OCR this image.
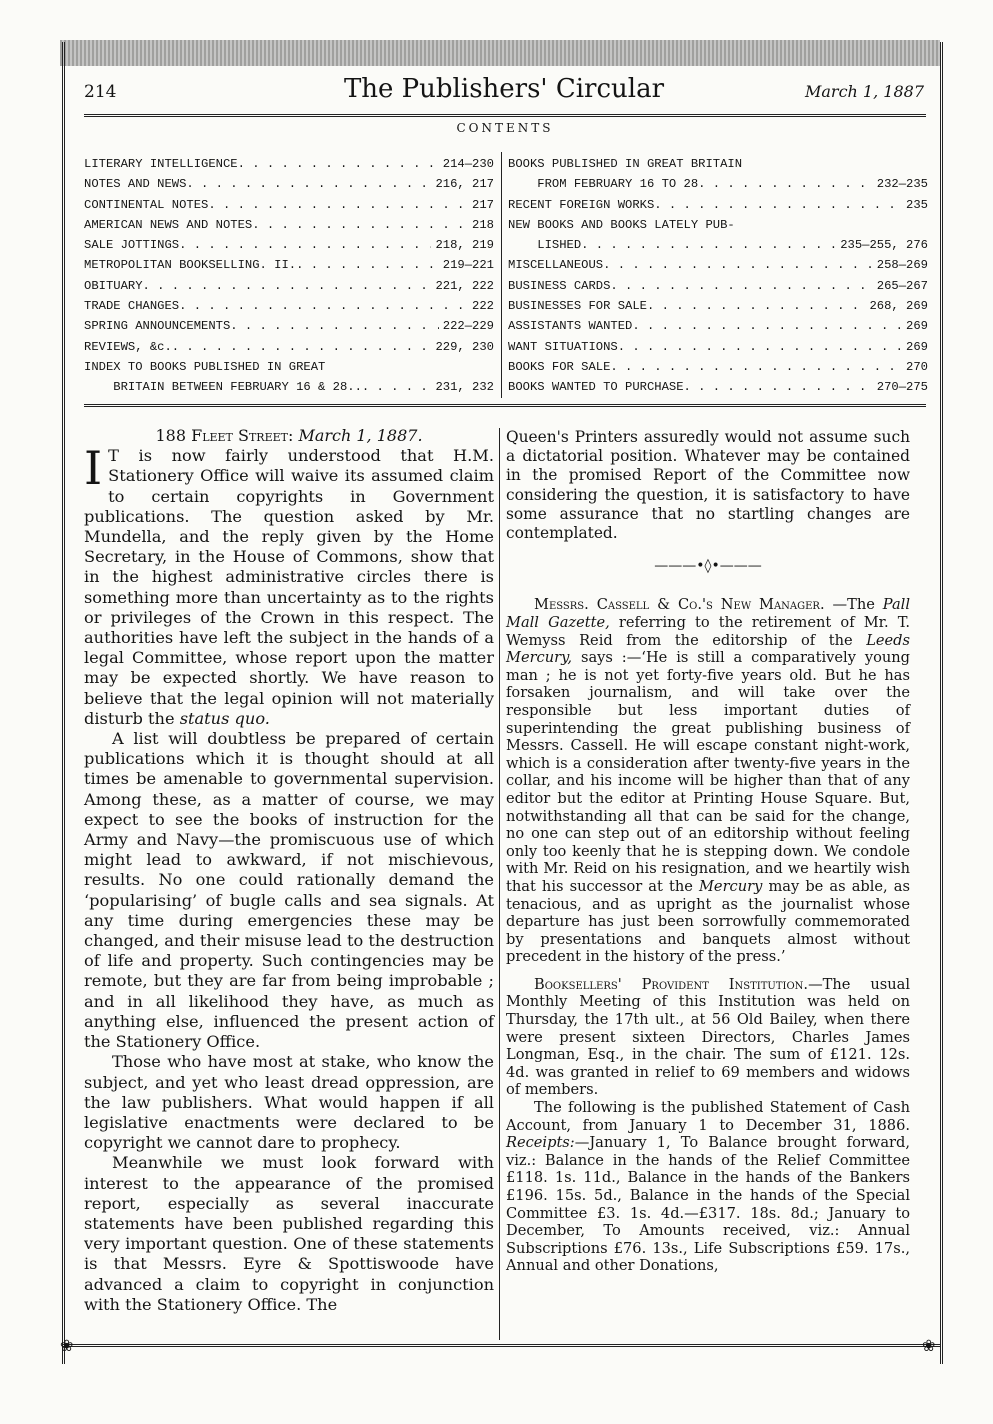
214	The Publishers' Circular	March 1, 1887
CONTENTS
LITERARY INTELLIGENCE . . .	214—230
NOTES AND NEWS . . .	216, 217
CONTINENTAL NOTES . . .	217
AMERICAN NEWS AND NOTES . . .	218
SALE JOTTINGS . . .	218, 219
METROPOLITAN BOOKSELLING. II. . . .	219—221
OBITUARY . . .	221, 222
TRADE CHANGES . . .	222
SPRING ANNOUNCEMENTS . . .	222—229
REVIEWS, &c. . . .	229, 230
INDEX TO BOOKS PUBLISHED IN GREAT
BRITAIN BETWEEN FEBRUARY 16 & 28.. . . .	231, 232
BOOKS PUBLISHED IN GREAT BRITAIN
FROM FEBRUARY 16 TO 28 . . .	232—235
RECENT FOREIGN WORKS . . .	235
NEW BOOKS AND BOOKS LATELY PUB-
LISHED . . .	235—255, 276
MISCELLANEOUS . . .	258—269
BUSINESS CARDS . . .	265—267
BUSINESSES FOR SALE . . .	268, 269
ASSISTANTS WANTED . . .	269
WANT SITUATIONS . . .	269
BOOKS FOR SALE . . .	270
BOOKS WANTED TO PURCHASE . . .	270—275
188 Fleet Street: March 1, 1887.

I T is now fairly understood that H.M. Stationery Office will waive its assumed claim to certain copyrights in Government publications. The question asked by Mr. Mundella, and the reply given by the Home Secretary, in the House of Commons, show that in the highest administrative circles there is something more than uncertainty as to the rights or privileges of the Crown in this respect. The authorities have left the subject in the hands of a legal Committee, whose report upon the matter may be expected shortly. We have reason to believe that the legal opinion will not materially disturb the status quo.

A list will doubtless be prepared of certain publications which it is thought should at all times be amenable to governmental supervision. Among these, as a matter of course, we may expect to see the books of instruction for the Army and Navy—the promiscuous use of which might lead to awkward, if not mischievous, results. No one could rationally demand the ‘popularising’ of bugle calls and sea signals. At any time during emergencies these may be changed, and their misuse lead to the destruction of life and property. Such contingencies may be remote, but they are far from being improbable ; and in all likelihood they have, as much as anything else, influenced the present action of the Stationery Office.

Those who have most at stake, who know the subject, and yet who least dread oppression, are the law publishers. What would happen if all legislative enactments were declared to be copyright we cannot dare to prophecy.

Meanwhile we must look forward with interest to the appearance of the promised report, especially as several inaccurate statements have been published regarding this very important question. One of these statements is that Messrs. Eyre & Spottiswoode have advanced a claim to copyright in conjunction with the Stationery Office. The

Queen's Printers assuredly would not assume such a dictatorial position. Whatever may be contained in the promised Report of the Committee now considering the question, it is satisfactory to have some assurance that no startling changes are contemplated.

———•◊•———

Messrs. Cassell & Co.'s New Manager. —The Pall Mall Gazette, referring to the retirement of Mr. T. Wemyss Reid from the editorship of the Leeds Mercury, says :—‘He is still a comparatively young man ; he is not yet forty-five years old. But he has forsaken journalism, and will take over the responsible but less important duties of superintending the great publishing business of Messrs. Cassell. He will escape constant night-work, which is a consideration after twenty-five years in the collar, and his income will be higher than that of any editor but the editor at Printing House Square. But, notwithstanding all that can be said for the change, no one can step out of an editorship without feeling only too keenly that he is stepping down. We condole with Mr. Reid on his resignation, and we heartily wish that his successor at the Mercury may be as able, as tenacious, and as upright as the journalist whose departure has just been sorrowfully commemorated by presentations and banquets almost without precedent in the history of the press.’

Booksellers' Provident Institution.—The usual Monthly Meeting of this Institution was held on Thursday, the 17th ult., at 56 Old Bailey, when there were present sixteen Directors, Charles James Longman, Esq., in the chair. The sum of £121. 12s. 4d. was granted in relief to 69 members and widows of members.

The following is the published Statement of Cash Account, from January 1 to December 31, 1886. Receipts:—January 1, To Balance brought forward, viz.: Balance in the hands of the Relief Committee £118. 1s. 11d., Balance in the hands of the Bankers £196. 15s. 5d., Balance in the hands of the Special Committee £3. 1s. 4d.—£317. 18s. 8d.; January to December, To Amounts received, viz.: Annual Subscriptions £76. 13s., Life Subscriptions £59. 17s., Annual and other Donations,

❀	❀
